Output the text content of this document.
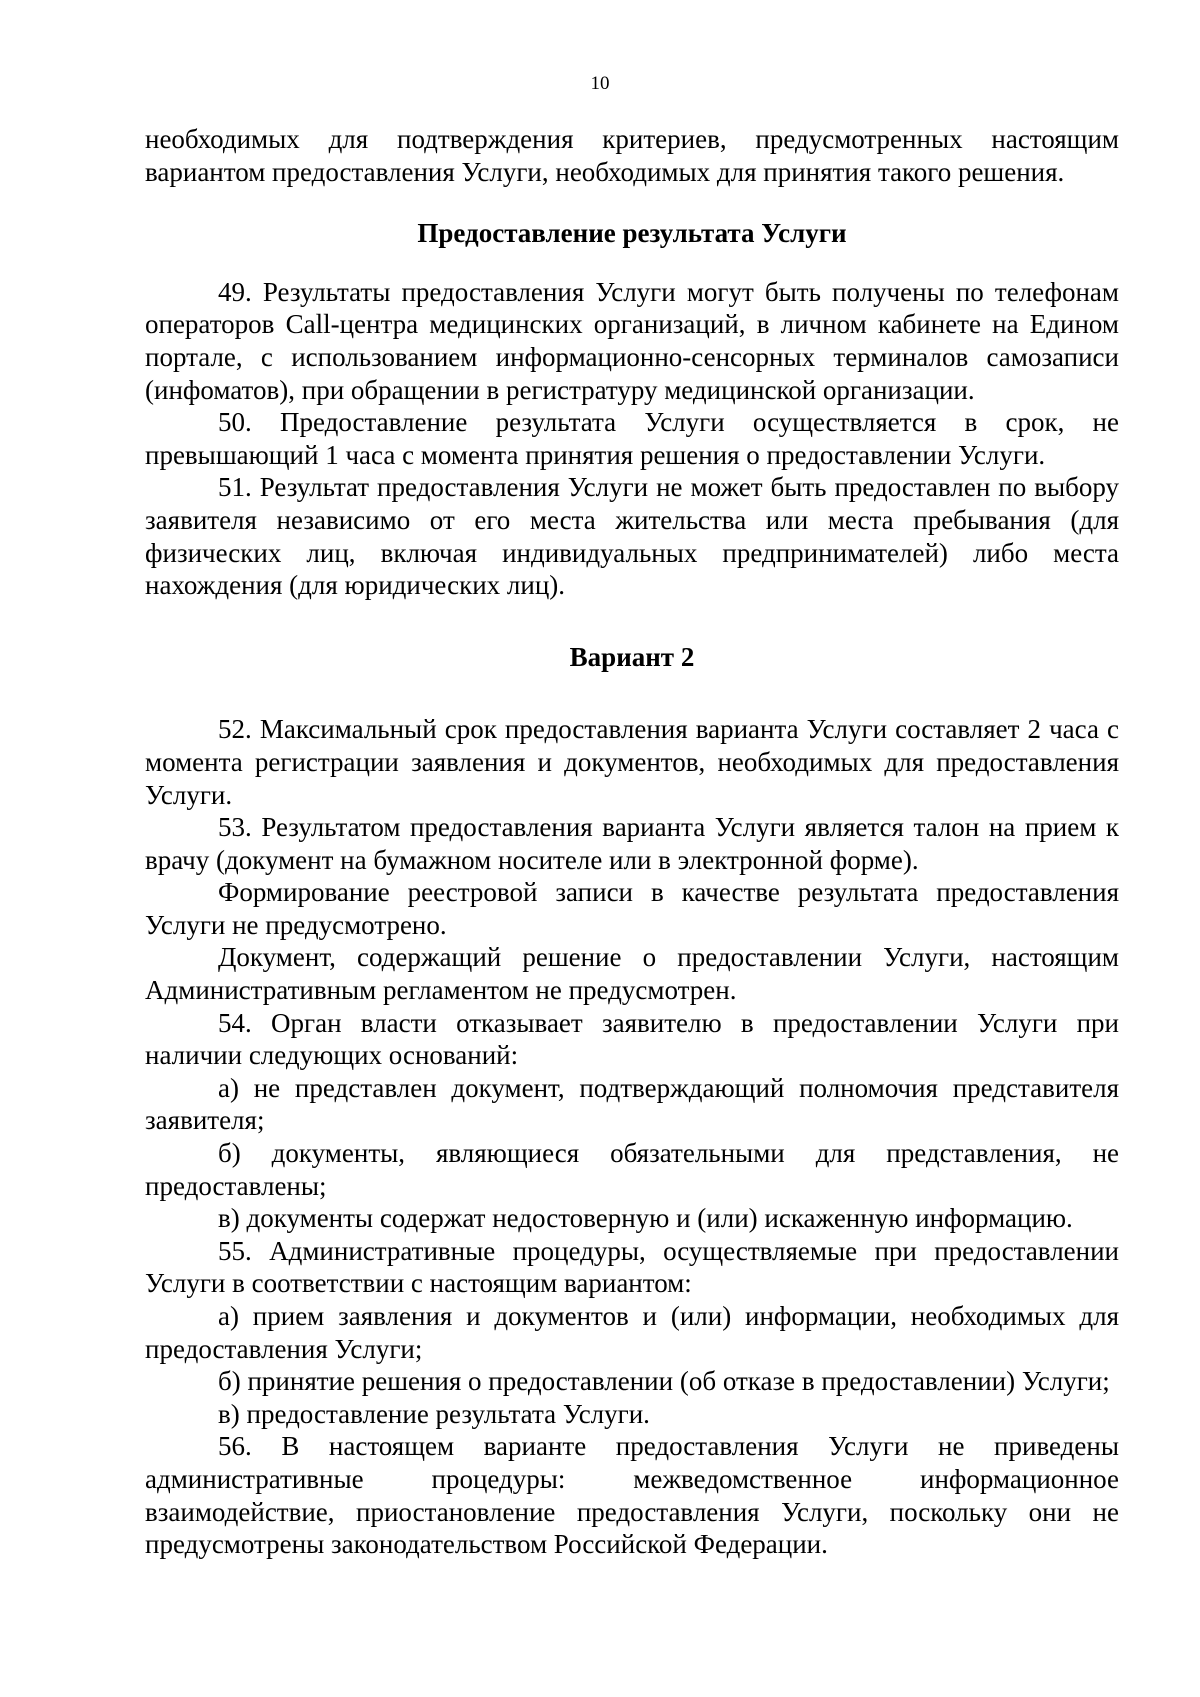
10

необходимых для подтверждения критериев, предусмотренных настоящим вариантом предоставления Услуги, необходимых для принятия такого решения.

Предоставление результата Услуги

49. Результаты предоставления Услуги могут быть получены по телефонам операторов Call-центра медицинских организаций, в личном кабинете на Едином портале, с использованием информационно-сенсорных терминалов самозаписи (инфоматов), при обращении в регистратуру медицинской организации.

50. Предоставление результата Услуги осуществляется в срок, не превышающий 1 часа с момента принятия решения о предоставлении Услуги.

51. Результат предоставления Услуги не может быть предоставлен по выбору заявителя независимо от его места жительства или места пребывания (для физических лиц, включая индивидуальных предпринимателей) либо места нахождения (для юридических лиц).

Вариант 2

52. Максимальный срок предоставления варианта Услуги составляет 2 часа с момента регистрации заявления и документов, необходимых для предоставления Услуги.

53. Результатом предоставления варианта Услуги является талон на прием к врачу (документ на бумажном носителе или в электронной форме).

Формирование реестровой записи в качестве результата предоставления Услуги не предусмотрено.

Документ, содержащий решение о предоставлении Услуги, настоящим Административным регламентом не предусмотрен.

54. Орган власти отказывает заявителю в предоставлении Услуги при наличии следующих оснований:

а) не представлен документ, подтверждающий полномочия представителя заявителя;

б) документы, являющиеся обязательными для представления, не предоставлены;

в) документы содержат недостоверную и (или) искаженную информацию.

55. Административные процедуры, осуществляемые при предоставлении Услуги в соответствии с настоящим вариантом:

а) прием заявления и документов и (или) информации, необходимых для предоставления Услуги;

б) принятие решения о предоставлении (об отказе в предоставлении) Услуги;

в) предоставление результата Услуги.

56. В настоящем варианте предоставления Услуги не приведены административные процедуры: межведомственное информационное взаимодействие, приостановление предоставления Услуги, поскольку они не предусмотрены законодательством Российской Федерации.
